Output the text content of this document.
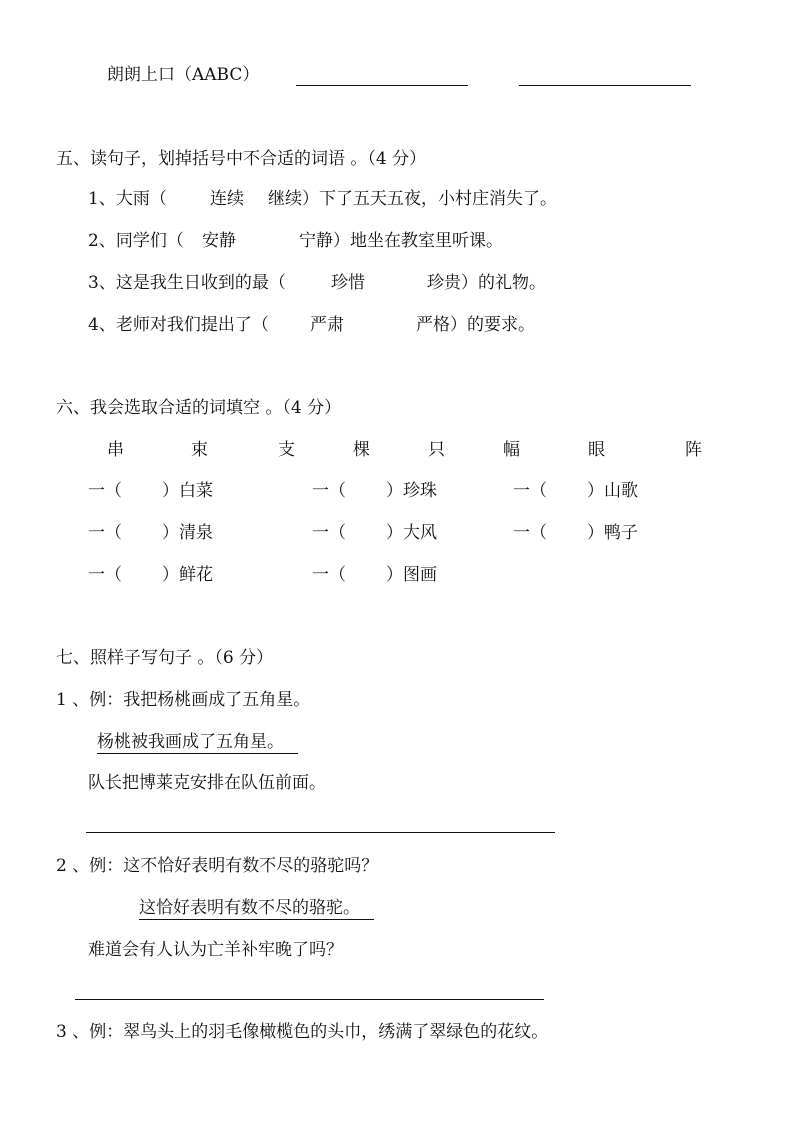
朗朗上口（AABC）
五、读句子，划掉括号中不合适的词语 。（4 分）
1、大雨（	连续 继续）下了五天五夜，小村庄消失了。
2、同学们（ 安静	宁静）地坐在教室里听课。
3、这是我生日收到的最（	珍惜	珍贵）的礼物。
4、老师对我们提出了（ 严肃	严格）的要求。
六、我会选取合适的词填空 。（4 分）
串	束	支	棵	只	幅	眼	阵
一（ ）白菜	一（ ）珍珠	一（ ）山歌
一（ ）清泉	一（ ）大风	一（ ）鸭子
一（ ）鲜花	一（ ）图画
七、照样子写句子 。（6 分）
1 、例：我把杨桃画成了五角星。
杨桃被我画成了五角星。
队长把博莱克安排在队伍前面。
2 、例：这不恰好表明有数不尽的骆驼吗？
这恰好表明有数不尽的骆驼。
难道会有人认为亡羊补牢晚了吗？
3 、例：翠鸟头上的羽毛像橄榄色的头巾，绣满了翠绿色的花纹。
